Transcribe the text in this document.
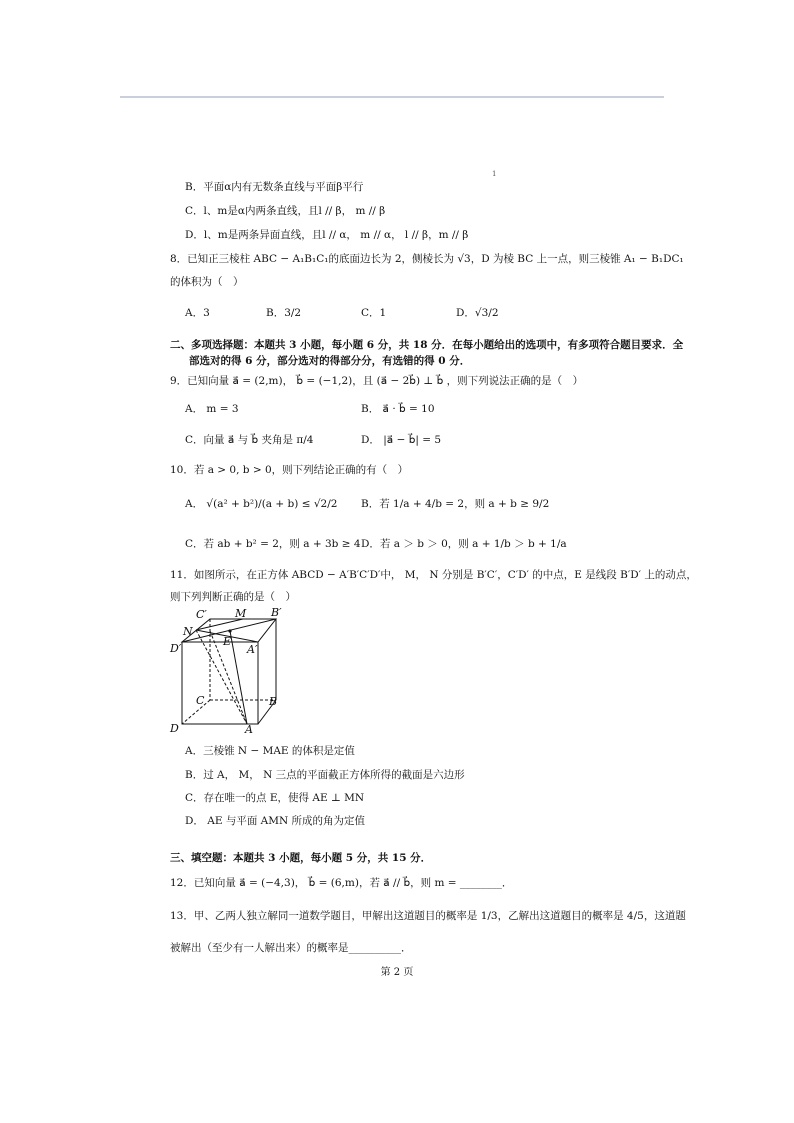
1
B．平面α内有无数条直线与平面β平行
C．l、m是α内两条直线，且l // β， m // β
D．l、m是两条异面直线，且l // α， m // α， l // β，m // β
8．已知正三棱柱 ABC − A₁B₁C₁的底面边长为 2，侧棱长为 √3，D 为棱 BC 上一点，则三棱锥 A₁ − B₁DC₁
的体积为（　）
A．3	B．3/2	C．1	D．√3/2
二、多项选择题：本题共 3 小题，每小题 6 分，共 18 分．在每小题给出的选项中，有多项符合题目要求．全
部选对的得 6 分，部分选对的得部分分，有选错的得 0 分．
9．已知向量 a⃗ = (2,m)， b⃗ = (−1,2)，且 (a⃗ − 2b⃗) ⊥ b⃗ ，则下列说法正确的是（　）
A． m = 3	B． a⃗ · b⃗ = 10
C．向量 a⃗ 与 b⃗ 夹角是 π/4	D． |a⃗ − b⃗| = 5
10．若 a > 0, b > 0，则下列结论正确的有（　）
A． √(a² + b²)/(a + b) ≤ √2/2 B．若 1/a + 4/b = 2，则 a + b ≥ 9/2
C．若 ab + b² = 2，则 a + 3b ≥ 4 D．若 a ＞ b ＞ 0，则 a + 1/b ＞ b + 1/a
11．如图所示，在正方体 ABCD − A′B′C′D′中， M， N 分别是 B′C′，C′D′ 的中点，E 是线段 B′D′ 上的动点，
则下列判断正确的是（　）
C′	M B′
N
E
D′	A′
C	B
D	A
A．三棱锥 N − MAE 的体积是定值
B．过 A， M， N 三点的平面截正方体所得的截面是六边形
C．存在唯一的点 E，使得 AE ⊥ MN
D． AE 与平面 AMN 所成的角为定值
三、填空题：本题共 3 小题，每小题 5 分，共 15 分．
12．已知向量 a⃗ = (−4,3)， b⃗ = (6,m)，若 a⃗ // b⃗，则 m = ________．
13．甲、乙两人独立解同一道数学题目，甲解出这道题目的概率是 1/3，乙解出这道题目的概率是 4/5，这道题
被解出（至少有一人解出来）的概率是__________．
第 2 页
